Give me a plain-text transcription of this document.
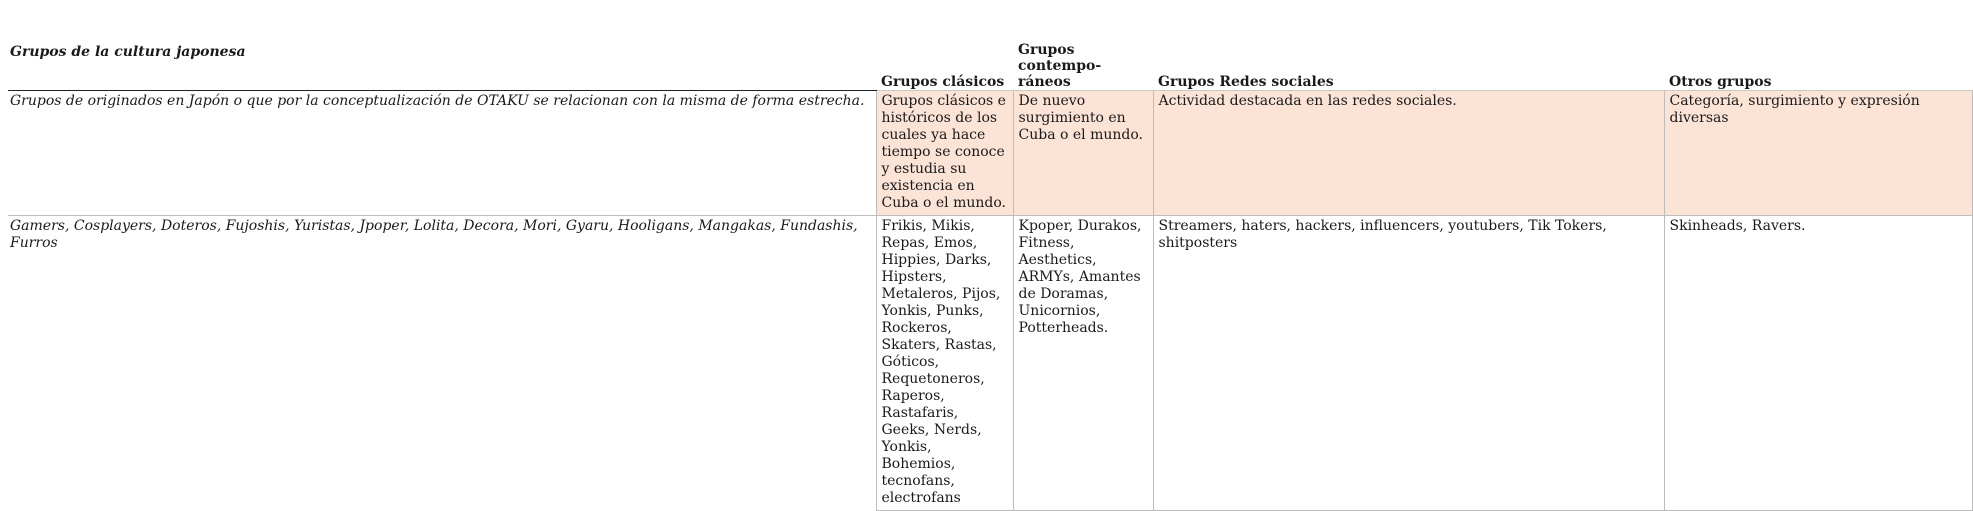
Grupos de la cultura japonesa	Grupos clásicos	Grupos contempo-ráneos	Grupos Redes sociales	Otros grupos
Grupos de originados en Japón o que por la conceptualización de OTAKU se relacionan con la misma de forma estrecha.	Grupos clásicos e históricos de los cuales ya hace tiempo se conoce y estudia su existencia en Cuba o el mundo.	De nuevo surgimiento en Cuba o el mundo.	Actividad destacada en las redes sociales.	Categoría, surgimiento y expresión diversas
Gamers, Cosplayers, Doteros, Fujoshis, Yuristas, Jpoper, Lolita, Decora, Mori, Gyaru, Hooligans, Mangakas, Fundashis, Furros	Frikis, Mikis, Repas, Emos, Hippies, Darks, Hipsters, Metaleros, Pijos, Yonkis, Punks, Rockeros, Skaters, Rastas, Góticos, Requetoneros, Raperos, Rastafaris, Geeks, Nerds, Yonkis, Bohemios, tecnofans, electrofans	Kpoper, Durakos, Fitness, Aesthetics, ARMYs, Amantes de Doramas, Unicornios, Potterheads.	Streamers, haters, hackers, influencers, youtubers, Tik Tokers, shitposters	Skinheads, Ravers.
